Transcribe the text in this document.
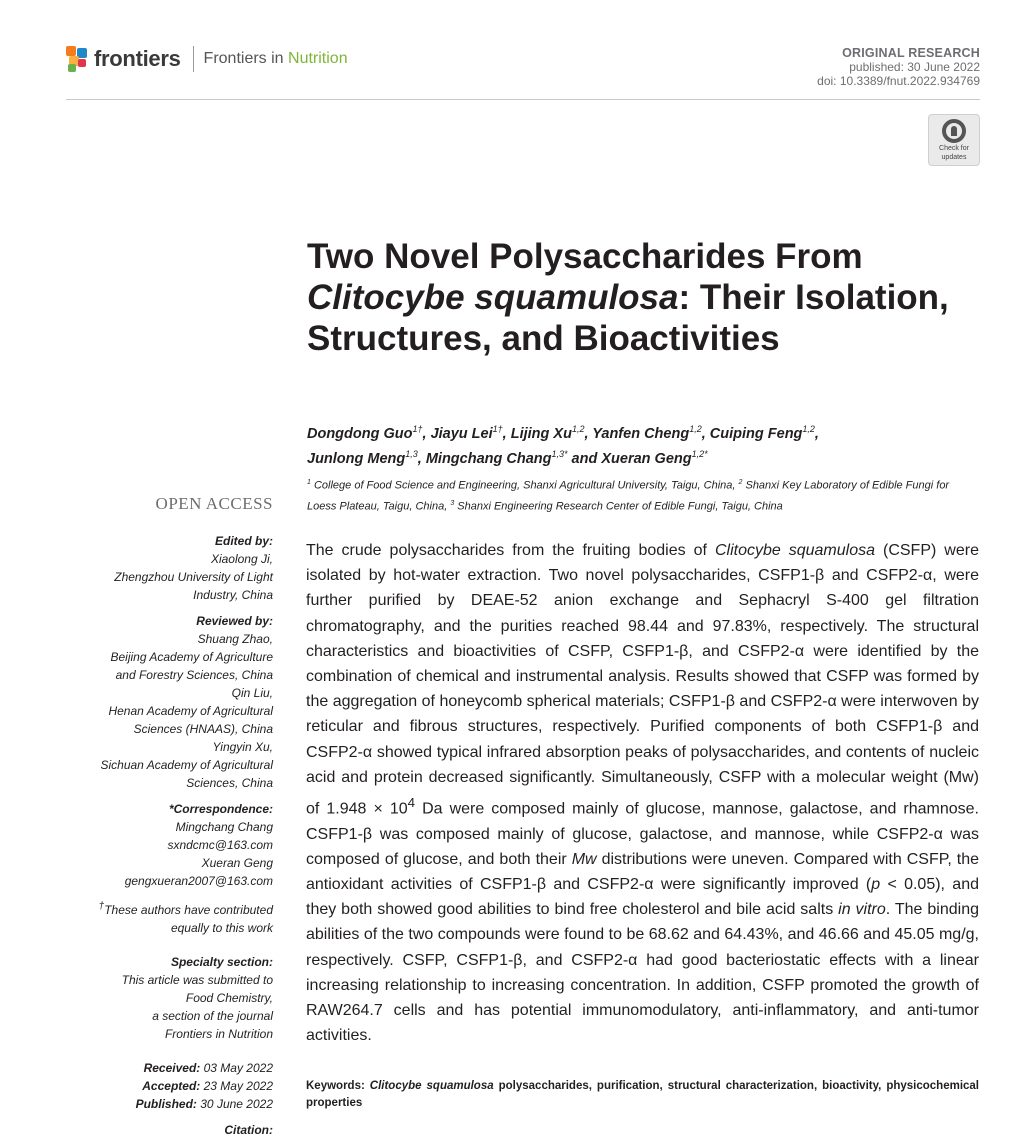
frontiers Frontiers in Nutrition	ORIGINAL RESEARCH
published: 30 June 2022
doi: 10.3389/fnut.2022.934769
Check for
updates
Two Novel Polysaccharides From Clitocybe squamulosa: Their Isolation, Structures, and Bioactivities

Dongdong Guo$^{1\dagger}$, Jiayu Lei$^{1\dagger}$, Lijing Xu$^{1,2}$, Yanfen Cheng$^{1,2}$, Cuiping Feng$^{1,2}$,
Junlong Meng$^{1,3}$, Mingchang Chang$^{1,3*}$ and Xueran Geng$^{1,2*}$

$^1$ College of Food Science and Engineering, Shanxi Agricultural University, Taigu, China, $^2$ Shanxi Key Laboratory of Edible Fungi for Loess Plateau, Taigu, China, $^3$ Shanxi Engineering Research Center of Edible Fungi, Taigu, China

OPEN ACCESS

Edited by:

Xiaolong Ji,

Zhengzhou University of Light

Industry, China

Reviewed by:

Shuang Zhao,

Beijing Academy of Agriculture

and Forestry Sciences, China

Qin Liu,

Henan Academy of Agricultural

Sciences (HNAAS), China

Yingyin Xu,

Sichuan Academy of Agricultural

Sciences, China

*Correspondence:

Mingchang Chang

sxndcmc@163.com

Xueran Geng

gengxueran2007@163.com

†These authors have contributed

equally to this work

Specialty section:

This article was submitted to

Food Chemistry,

a section of the journal

Frontiers in Nutrition

Received: 03 May 2022

Accepted: 23 May 2022

Published: 30 June 2022

Citation:

The crude polysaccharides from the fruiting bodies of Clitocybe squamulosa (CSFP) were isolated by hot-water extraction. Two novel polysaccharides, CSFP1-β and CSFP2-α, were further purified by DEAE-52 anion exchange and Sephacryl S-400 gel filtration chromatography, and the purities reached 98.44 and 97.83%, respectively. The structural characteristics and bioactivities of CSFP, CSFP1-β, and CSFP2-α were identified by the combination of chemical and instrumental analysis. Results showed that CSFP was formed by the aggregation of honeycomb spherical materials; CSFP1-β and CSFP2-α were interwoven by reticular and fibrous structures, respectively. Purified components of both CSFP1-β and CSFP2-α showed typical infrared absorption peaks of polysaccharides, and contents of nucleic acid and protein decreased significantly. Simultaneously, CSFP with a molecular weight (Mw) of $1.948 \times 10^4$ Da were composed mainly of glucose, mannose, galactose, and rhamnose. CSFP1-β was composed mainly of glucose, galactose, and mannose, while CSFP2-α was composed of glucose, and both their Mw distributions were uneven. Compared with CSFP, the antioxidant activities of CSFP1-β and CSFP2-α were significantly improved (p < 0.05), and they both showed good abilities to bind free cholesterol and bile acid salts in vitro. The binding abilities of the two compounds were found to be 68.62 and 64.43%, and 46.66 and 45.05 mg/g, respectively. CSFP, CSFP1-β, and CSFP2-α had good bacteriostatic effects with a linear increasing relationship to increasing concentration. In addition, CSFP promoted the growth of RAW264.7 cells and has potential immunomodulatory, anti-inflammatory, and anti-tumor activities.

Keywords: Clitocybe squamulosa polysaccharides, purification, structural characterization, bioactivity, physicochemical properties
